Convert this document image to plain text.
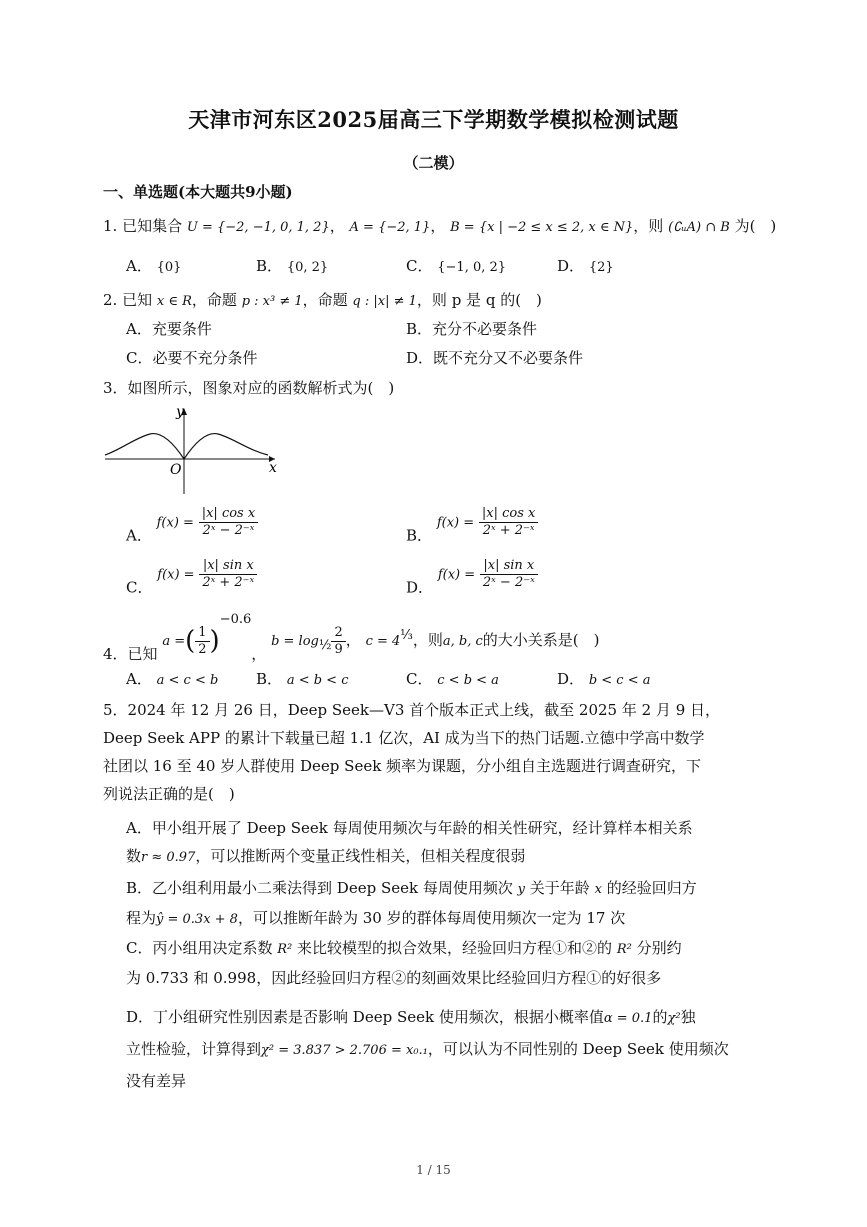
天津市河东区2025届高三下学期数学模拟检测试题
（二模）
一、单选题(本大题共9小题)
1. 已知集合 U = {−2, −1, 0, 1, 2}， A = {−2, 1}， B = {x | −2 ≤ x ≤ 2, x ∈ N}，则 (∁ᵤA) ∩ B 为(　)
A． {0}	B． {0, 2}	C． {−1, 0, 2}	D． {2}
2. 已知 x ∈ R，命题 p : x³ ≠ 1，命题 q : |x| ≠ 1，则 p 是 q 的(　)
A．充要条件	B．充分不必要条件
C．必要不充分条件	D．既不充分又不必要条件
3．如图所示，图象对应的函数解析式为(　)
y
x
O
A． $f(x) = \frac{\text{|x| cos x}}{\text{2ˣ − 2⁻ˣ}}$	B． $f(x) = \frac{\text{|x| cos x}}{\text{2ˣ + 2⁻ˣ}}$
C． $f(x) = \frac{\text{|x| sin x}}{\text{2ˣ + 2⁻ˣ}}$	D． $f(x) = \frac{\text{|x| sin x}}{\text{2ˣ − 2⁻ˣ}}$
4．已知 a =( $\frac{1}{2} )^{-0.6}$， $b = \log_{\frac{1}{2}} \frac{2}{9}$ ， $c = 4^{\frac{1}{3}}$，则a, b, c的大小关系是(　)
A． a < c < b	B． a < b < c	C． c < b < a	D． b < c < a
5．2024 年 12 月 26 日，Deep Seek—V3 首个版本正式上线，截至 2025 年 2 月 9 日，
Deep Seek APP 的累计下载量已超 1.1 亿次，AI 成为当下的热门话题.立德中学高中数学
社团以 16 至 40 岁人群使用 Deep Seek 频率为课题，分小组自主选题进行调查研究，下
列说法正确的是(　)
A．甲小组开展了 Deep Seek 每周使用频次与年龄的相关性研究，经计算样本相关系
数r ≈ 0.97，可以推断两个变量正线性相关，但相关程度很弱
B．乙小组利用最小二乘法得到 Deep Seek 每周使用频次 y 关于年龄 x 的经验回归方
程为ŷ = 0.3x + 8，可以推断年龄为 30 岁的群体每周使用频次一定为 17 次
C．丙小组用决定系数 R² 来比较模型的拟合效果，经验回归方程①和②的 R² 分别约
为 0.733 和 0.998，因此经验回归方程②的刻画效果比经验回归方程①的好很多
D．丁小组研究性别因素是否影响 Deep Seek 使用频次，根据小概率值α = 0.1的χ²独
立性检验，计算得到χ² = 3.837 > 2.706 = x₀.₁，可以认为不同性别的 Deep Seek 使用频次
没有差异
1 / 15
